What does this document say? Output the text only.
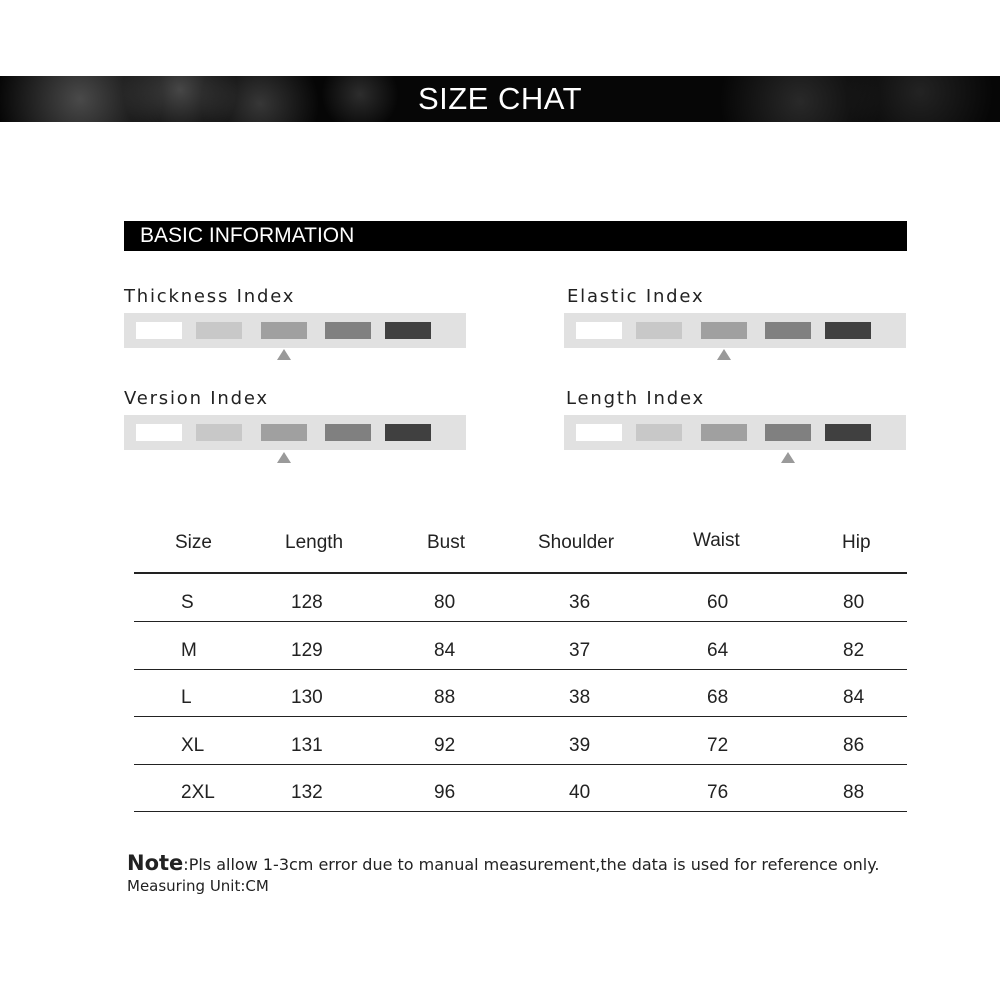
SIZE CHAT
BASIC INFORMATION
Thickness Index	Elastic Index
Version Index	Length Index
Size	Length	Bust	Shoulder	Waist	Hip
S	128	80	36	60	80
M	129	84	37	64	82
L	130	88	38	68	84
XL	131	92	39	72	86
2XL	132	96	40	76	88
Note:Pls allow 1-3cm error due to manual measurement,the data is used for reference only.
Measuring Unit:CM
